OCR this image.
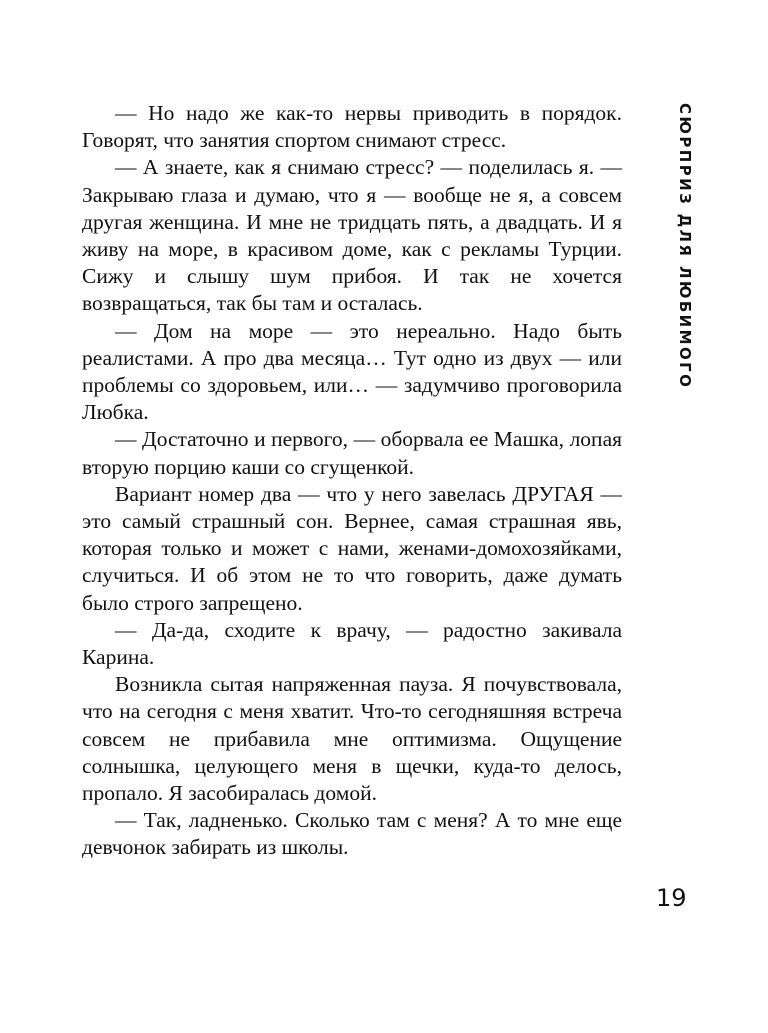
— Но надо же как-то нервы приводить в порядок. Говорят, что занятия спортом снимают стресс.

— А знаете, как я снимаю стресс? — поделилась я. — Закрываю глаза и думаю, что я — вообще не я, а совсем другая женщина. И мне не тридцать пять, а двадцать. И я живу на море, в красивом доме, как с рекламы Турции. Сижу и слышу шум прибоя. И так не хочется возвращаться, так бы там и осталась.

— Дом на море — это нереально. Надо быть реалистами. А про два месяца… Тут одно из двух — или проблемы со здоровьем, или… — задумчиво проговорила Любка.

— Достаточно и первого, — оборвала ее Машка, лопая вторую порцию каши со сгущенкой.

Вариант номер два — что у него завелась ДРУГАЯ — это самый страшный сон. Вернее, самая страшная явь, которая только и может с нами, женами-домохозяйками, случиться. И об этом не то что говорить, даже думать было строго запрещено.

— Да-да, сходите к врачу, — радостно закивала Карина.

Возникла сытая напряженная пауза. Я почувствовала, что на сегодня с меня хватит. Что-то сегодняшняя встреча совсем не прибавила мне оптимизма. Ощущение солнышка, целующего меня в щечки, куда-то делось, пропало. Я засобиралась домой.

— Так, ладненько. Сколько там с меня? А то мне еще девчонок забирать из школы.

СЮРПРИЗ ДЛЯ ЛЮБИМОГО
19
